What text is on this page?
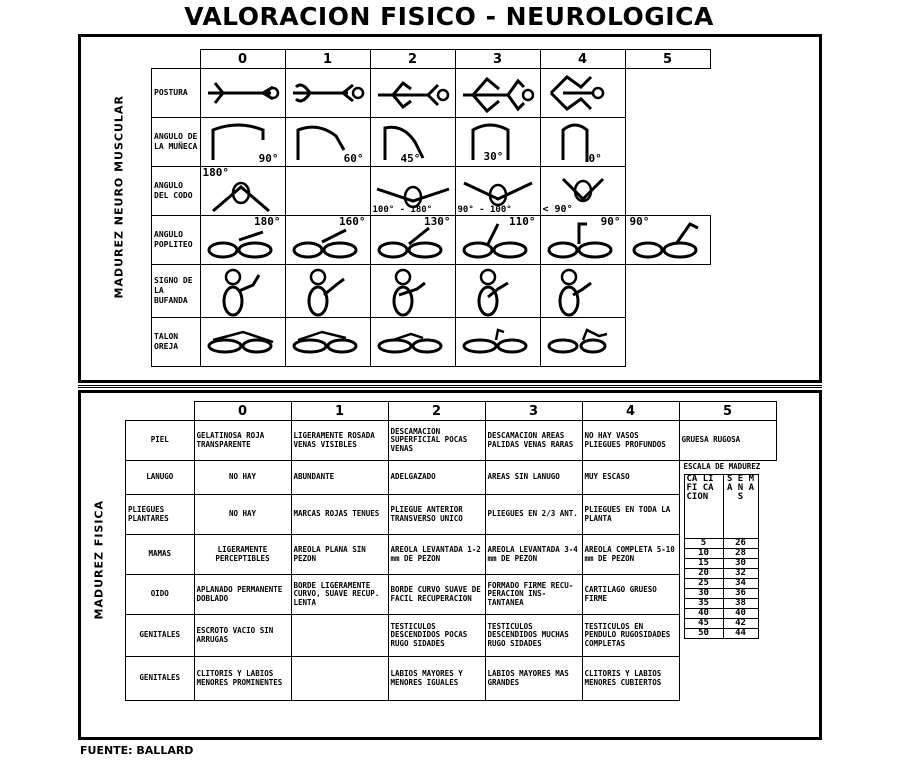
VALORACION FISICO - NEUROLOGICA
MADUREZ NEURO MUSCULAR
	0	1	2	3	4	5
POSTURA	

ANGULO DE LA MUÑECA	90°	60°	45°	30°	0°	

ANGULO DEL CODO	180°		100° - 180°	90° - 100°	< 90°	

ANGULO POPLITEO	180°	160°	130°	110°	90°	90°

SIGNO DE LA BUFANDA	

TALON OREJA	

MADUREZ FISICA
	0	1	2	3	4	5
PIEL	GELATINOSA ROJA TRANSPARENTE	LIGERAMENTE ROSADA VENAS VISIBLES	DESCAMACION SUPERFICIAL POCAS VENAS	DESCAMACION AREAS PALIDAS VENAS RARAS	NO HAY VASOS PLIEGUES PROFUNDOS	GRUESA RUGOSA
LANUGO	NO HAY	ABUNDANTE	ADELGAZADO	AREAS SIN LANUGO	MUY ESCASO	
ESCALA DE MADUREZ
CA LI FI CA CION	S E M A N A S
5	26
10	28
15	30
20	32
25	34
30	36
35	38
40	40
45	42
50	44

PLIEGUES PLANTARES	NO HAY	MARCAS ROJAS TENUES	PLIEGUE ANTERIOR TRANSVERSO UNICO	PLIEGUES EN 2/3 ANT.	PLIEGUES EN TODA LA PLANTA
MAMAS	LIGERAMENTE PERCEPTIBLES	AREOLA PLANA SIN PEZON	AREOLA LEVANTADA 1-2 mm DE PEZON	AREOLA LEVANTADA 3-4 mm DE PEZON	AREOLA COMPLETA 5-10 mm DE PEZON
OIDO	APLANADO PERMANENTE DOBLADO	BORDE LIGERAMENTE CURVO, SUAVE RECUP. LENTA	BORDE CURVO SUAVE DE FACIL RECUPERACION	FORMADO FIRME RECU- PERACION INS- TANTANEA	CARTILAGO GRUESO FIRME
GENITALES	ESCROTO VACIO SIN ARRUGAS		TESTICULOS DESCENDIDOS POCAS RUGO SIDADES	TESTICULOS DESCENDIDOS MUCHAS RUGO SIDADES	TESTICULOS EN PENDULO RUGOSIDADES COMPLETAS
GENITALES	CLITORIS Y LABIOS MENORES PROMINENTES		LABIOS MAYORES Y MENORES IGUALES	LABIOS MAYORES MAS GRANDES	CLITORIS Y LABIOS MENORES CUBIERTOS	
FUENTE: BALLARD
